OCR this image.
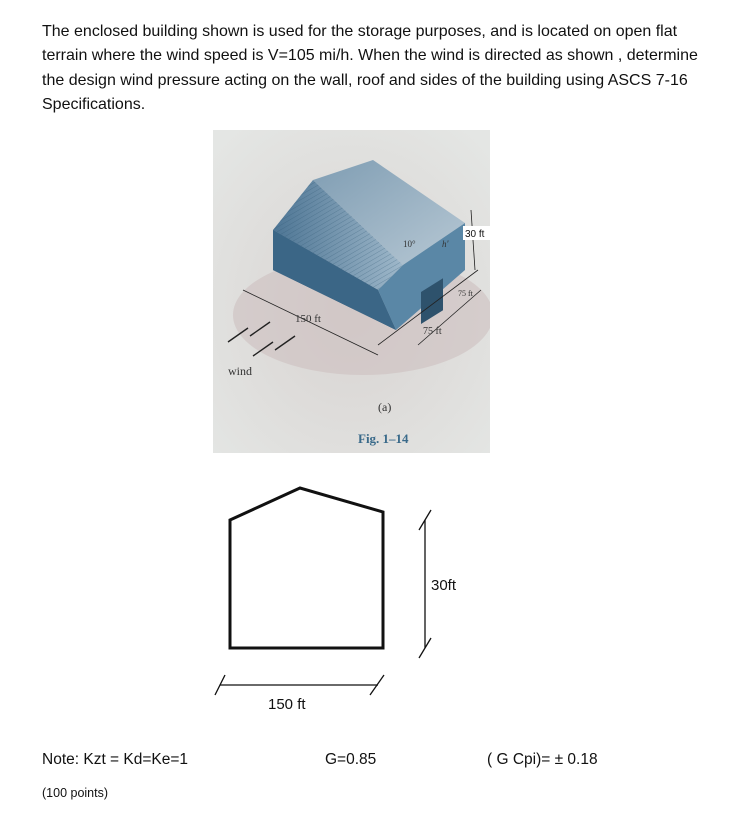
The enclosed building shown is used for the storage purposes, and is located on open flat terrain where the wind speed is V=105 mi/h. When the wind is directed as shown , determine the design wind pressure acting on the wall, roof and sides of the building using ASCS 7-16 Specifications.
150 ft
75 ft
75 ft
30 ft
10°	h'
wind
(a)
Fig. 1–14
30ft
150 ft
Note: Kzt = Kd=Ke=1	G=0.85	( G Cpi)= ± 0.18
(100 points)
